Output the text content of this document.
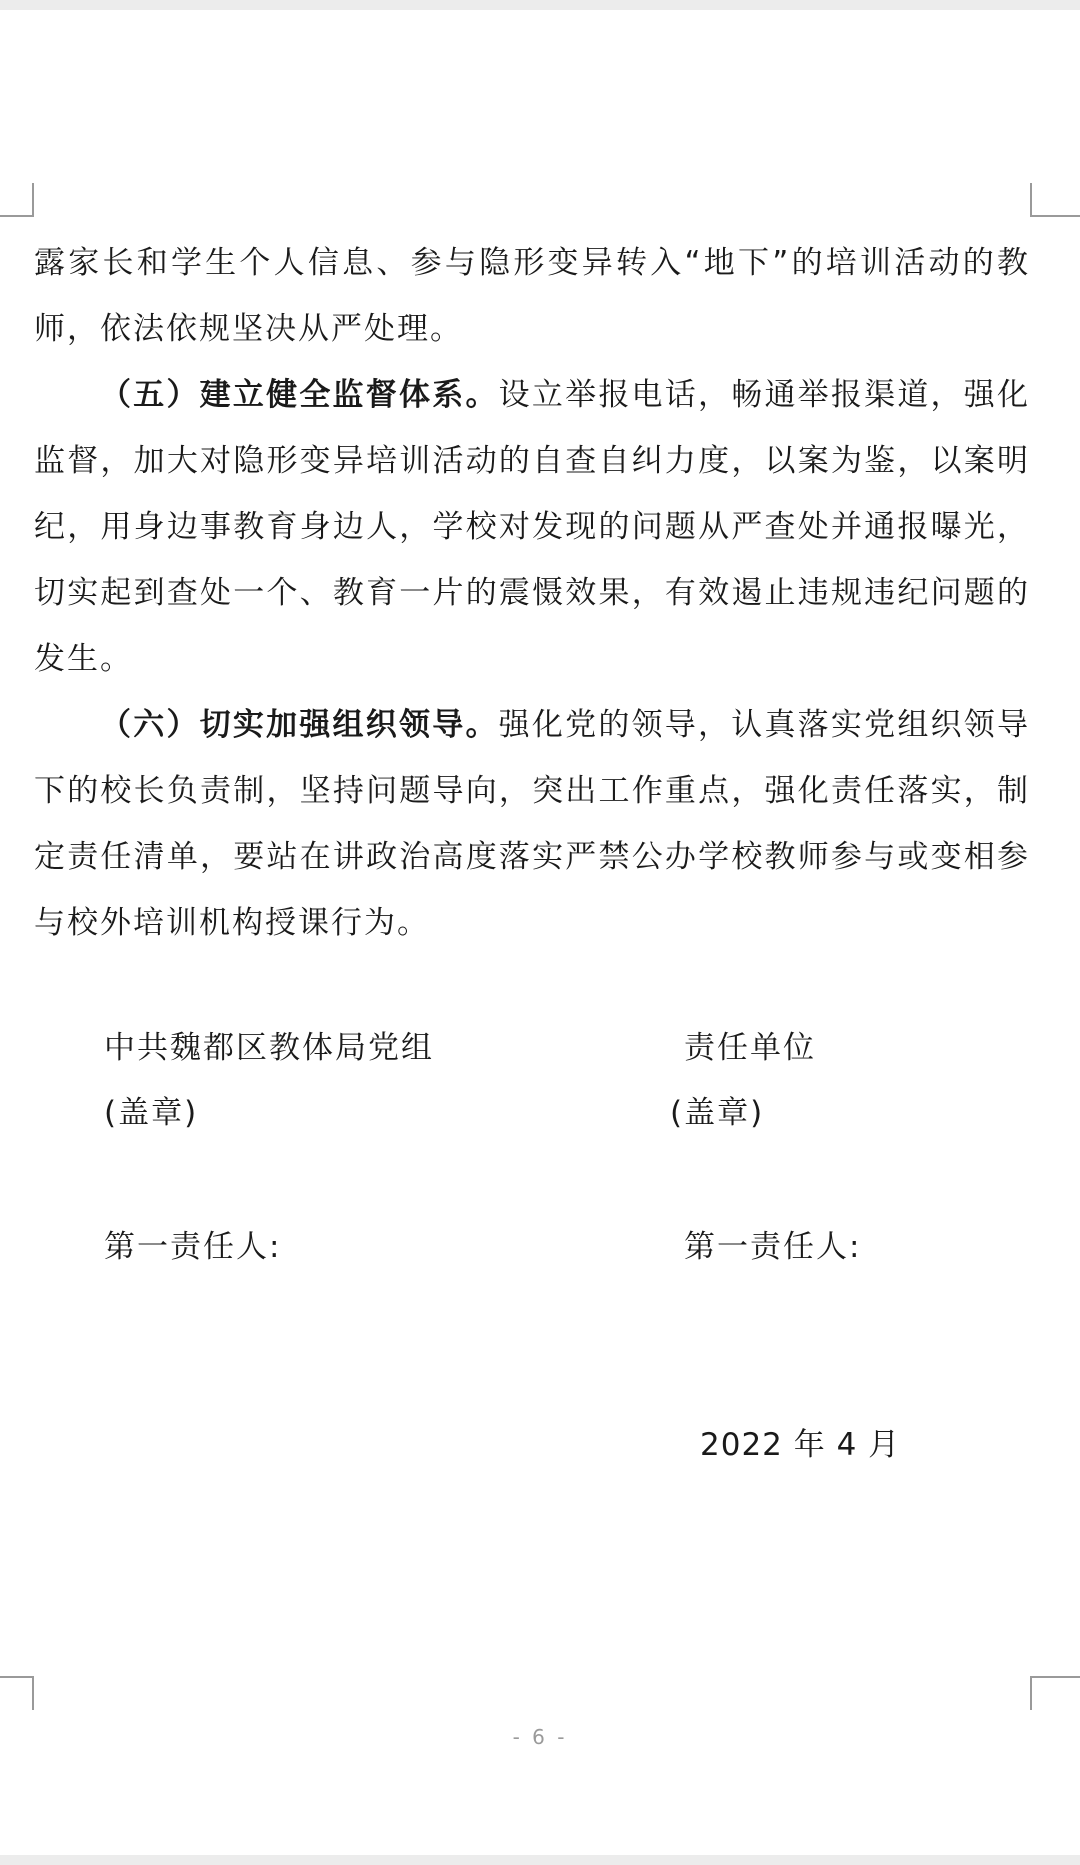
露家长和学生个人信息、参与隐形变异转入“地下”的培训活动的教师，依法依规坚决从严处理。

（五）建立健全监督体系。设立举报电话，畅通举报渠道，强化监督，加大对隐形变异培训活动的自查自纠力度，以案为鉴，以案明纪，用身边事教育身边人，学校对发现的问题从严查处并通报曝光，切实起到查处一个、教育一片的震慑效果，有效遏止违规违纪问题的发生。

（六）切实加强组织领导。强化党的领导，认真落实党组织领导下的校长负责制，坚持问题导向，突出工作重点，强化责任落实，制定责任清单，要站在讲政治高度落实严禁公办学校教师参与或变相参与校外培训机构授课行为。

中共魏都区教体局党组
(盖章)
第一责任人:
责任单位
(盖章)
第一责任人:
2022 年 4 月
- 6 -
